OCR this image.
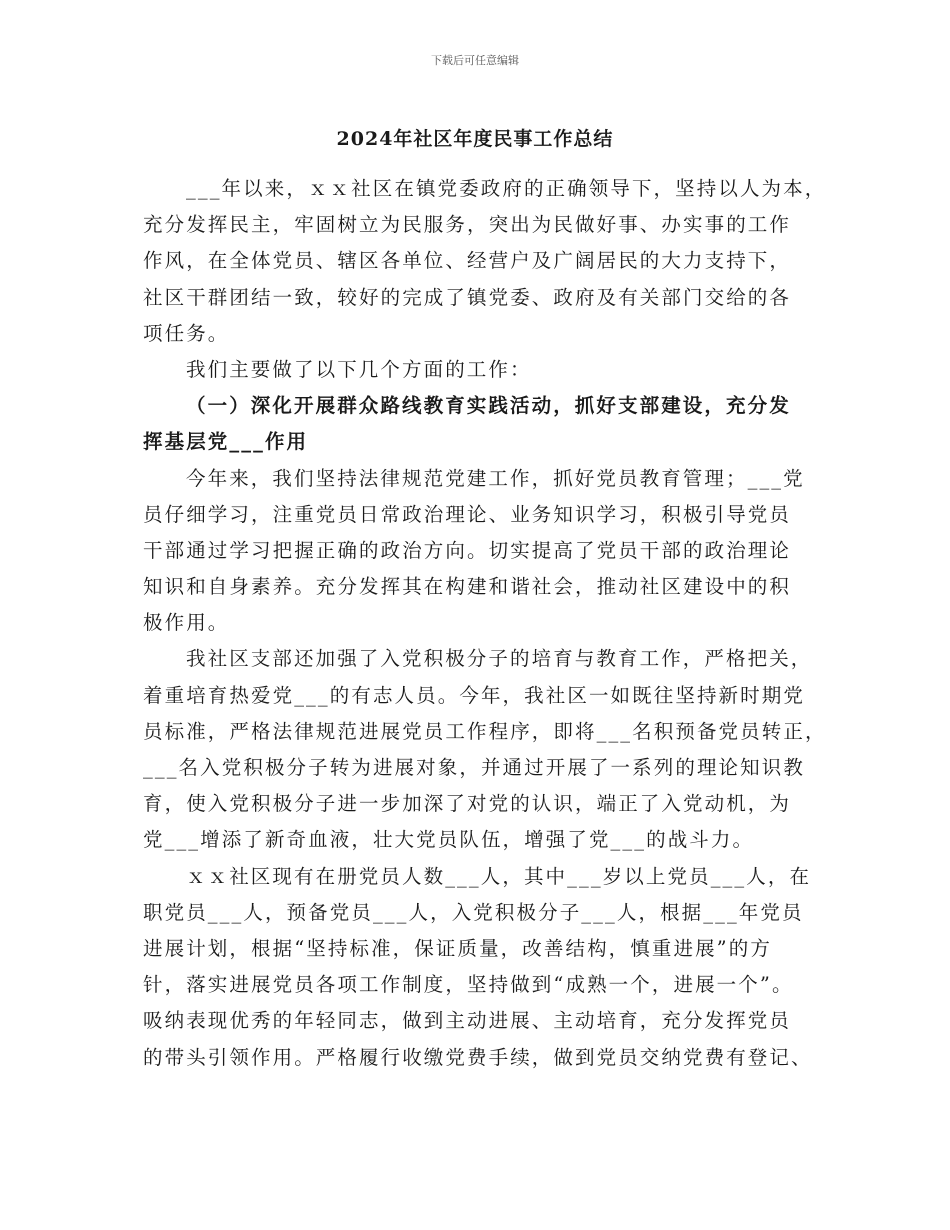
下载后可任意编辑
2024年社区年度民事工作总结
___年以来，ｘｘ社区在镇党委政府的正确领导下，坚持以人为本，
充分发挥民主，牢固树立为民服务，突出为民做好事、办实事的工作
作风，在全体党员、辖区各单位、经营户及广阔居民的大力支持下，
社区干群团结一致，较好的完成了镇党委、政府及有关部门交给的各
项任务。
我们主要做了以下几个方面的工作：
（一）深化开展群众路线教育实践活动，抓好支部建设，充分发
挥基层党___作用
今年来，我们坚持法律规范党建工作，抓好党员教育管理；___党
员仔细学习，注重党员日常政治理论、业务知识学习，积极引导党员
干部通过学习把握正确的政治方向。切实提高了党员干部的政治理论
知识和自身素养。充分发挥其在构建和谐社会，推动社区建设中的积
极作用。
我社区支部还加强了入党积极分子的培育与教育工作，严格把关，
着重培育热爱党___的有志人员。今年，我社区一如既往坚持新时期党
员标准，严格法律规范进展党员工作程序，即将___名积预备党员转正，
___名入党积极分子转为进展对象，并通过开展了一系列的理论知识教
育，使入党积极分子进一步加深了对党的认识，端正了入党动机，为
党___增添了新奇血液，壮大党员队伍，增强了党___的战斗力。
ｘｘ社区现有在册党员人数___人，其中___岁以上党员___人，在
职党员___人，预备党员___人，入党积极分子___人，根据___年党员
进展计划，根据“坚持标准，保证质量，改善结构，慎重进展”的方
针，落实进展党员各项工作制度，坚持做到“成熟一个，进展一个”。
吸纳表现优秀的年轻同志，做到主动进展、主动培育，充分发挥党员
的带头引领作用。严格履行收缴党费手续，做到党员交纳党费有登记、
